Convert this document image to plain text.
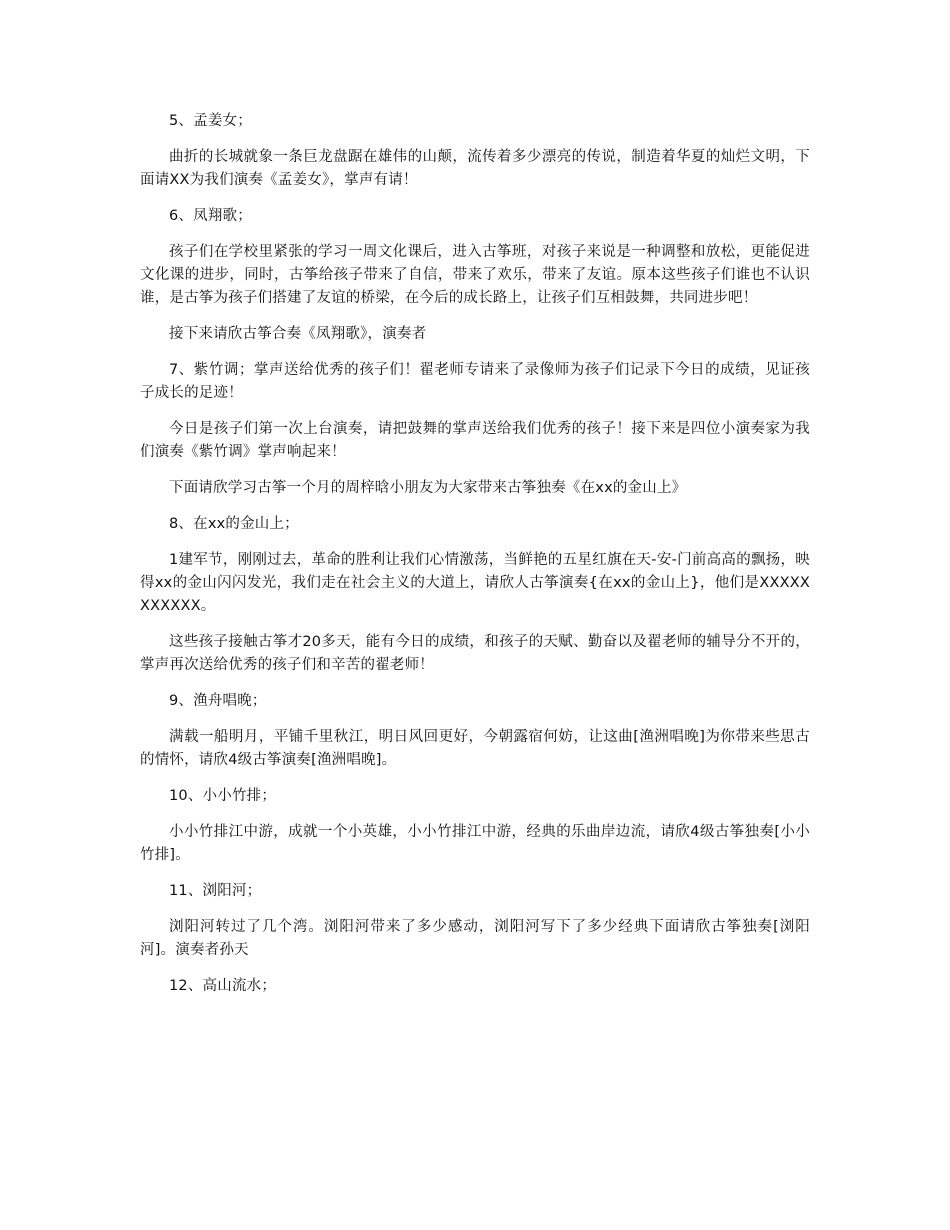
5、孟姜女；

曲折的长城就象一条巨龙盘踞在雄伟的山颠，流传着多少漂亮的传说，制造着华夏的灿烂文明，下面请XX为我们演奏《孟姜女》，掌声有请！

6、凤翔歌；

孩子们在学校里紧张的学习一周文化课后，进入古筝班，对孩子来说是一种调整和放松，更能促进文化课的进步，同时，古筝给孩子带来了自信，带来了欢乐，带来了友谊。原本这些孩子们谁也不认识谁，是古筝为孩子们搭建了友谊的桥梁，在今后的成长路上，让孩子们互相鼓舞，共同进步吧！

接下来请欣古筝合奏《凤翔歌》，演奏者

7、紫竹调；掌声送给优秀的孩子们！翟老师专请来了录像师为孩子们记录下今日的成绩，见证孩子成长的足迹！

今日是孩子们第一次上台演奏，请把鼓舞的掌声送给我们优秀的孩子！接下来是四位小演奏家为我们演奏《紫竹调》掌声响起来！

下面请欣学习古筝一个月的周梓晗小朋友为大家带来古筝独奏《在xx的金山上》

8、在xx的金山上；

1建军节，刚刚过去，革命的胜利让我们心情激荡，当鲜艳的五星红旗在天-安-门前高高的飘扬，映得xx的金山闪闪发光，我们走在社会主义的大道上，请欣人古筝演奏{在xx的金山上}，他们是XXXXXXXXXXX。

这些孩子接触古筝才20多天，能有今日的成绩，和孩子的天赋、勤奋以及翟老师的辅导分不开的，掌声再次送给优秀的孩子们和辛苦的翟老师！

9、渔舟唱晚；

满载一船明月，平铺千里秋江，明日风回更好，今朝露宿何妨，让这曲[渔洲唱晚]为你带来些思古的情怀，请欣4级古筝演奏[渔洲唱晚]。

10、小小竹排；

小小竹排江中游，成就一个小英雄，小小竹排江中游，经典的乐曲岸边流，请欣4级古筝独奏[小小竹排]。

11、浏阳河；

浏阳河转过了几个湾。浏阳河带来了多少感动，浏阳河写下了多少经典下面请欣古筝独奏[浏阳河]。演奏者孙天

12、高山流水；
